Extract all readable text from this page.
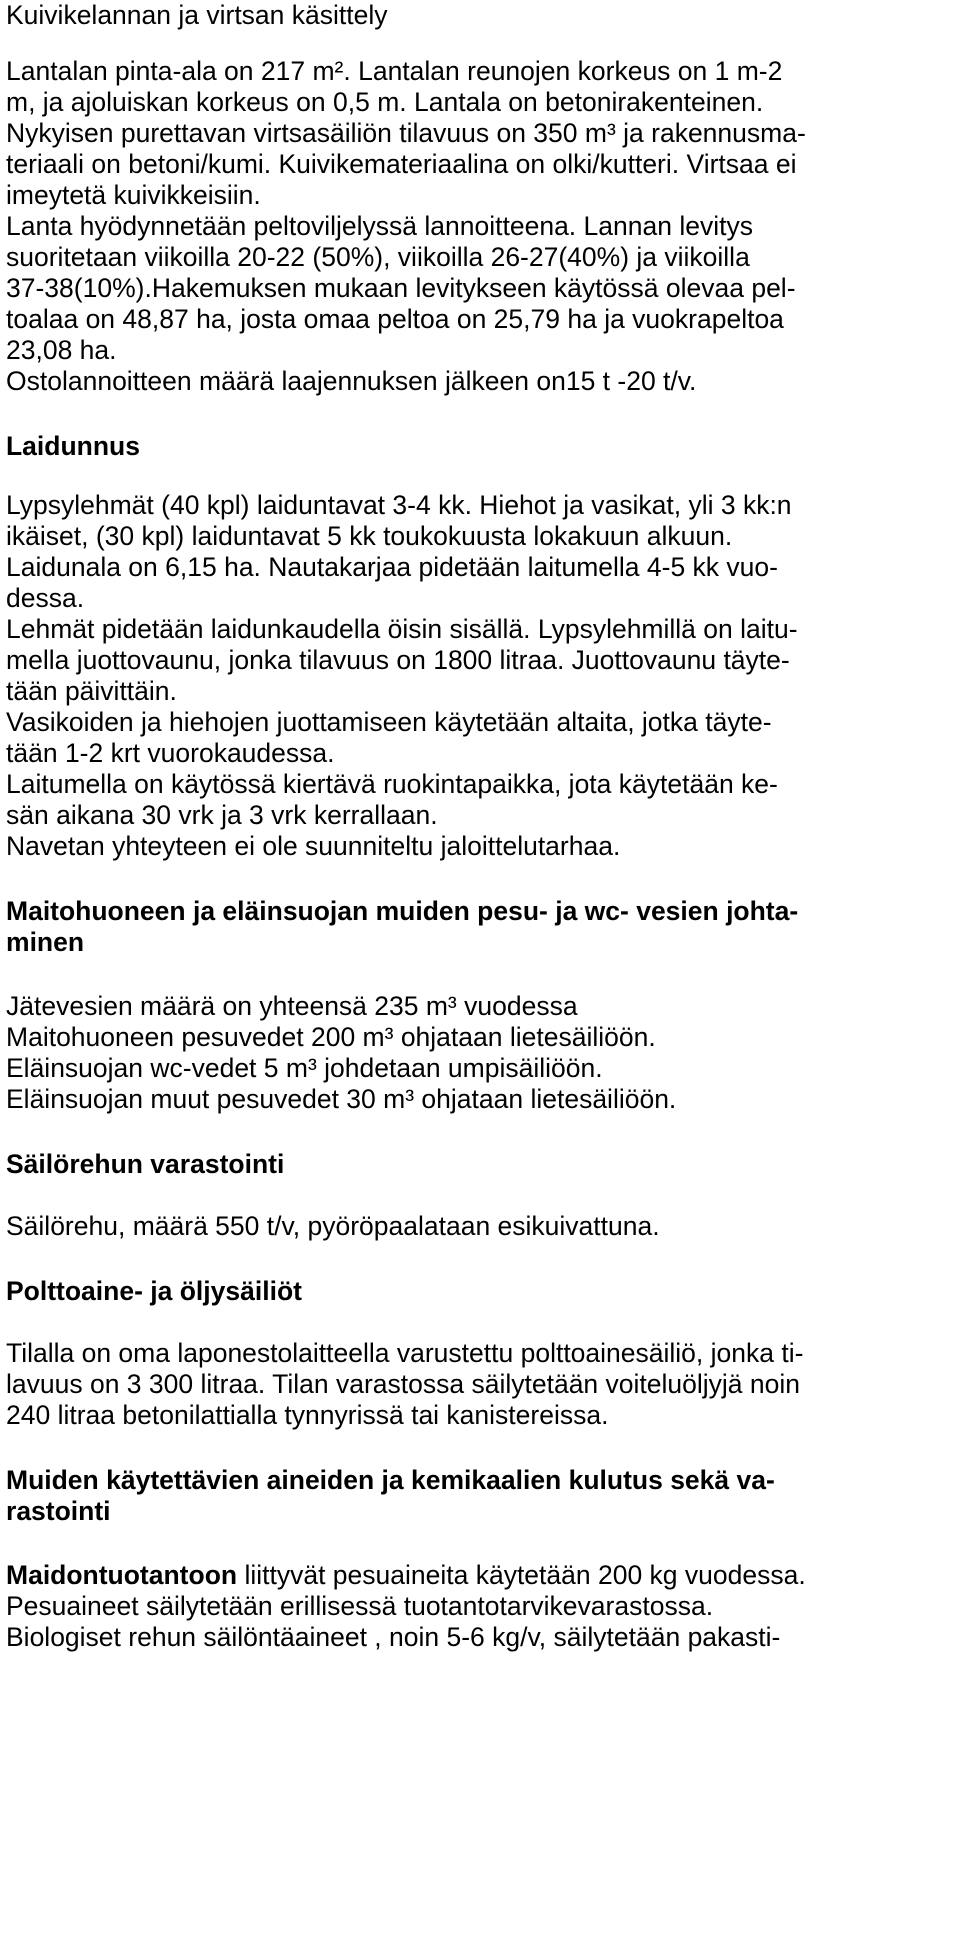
Kuivikelannan ja virtsan käsittely
Lantalan pinta-ala on 217 m². Lantalan reunojen korkeus on 1 m-2
m, ja ajoluiskan korkeus on 0,5 m. Lantala on betonirakenteinen.
Nykyisen purettavan virtsasäiliön tilavuus on 350 m³ ja rakennusma-
teriaali on betoni/kumi. Kuivikemateriaalina on olki/kutteri. Virtsaa ei
imeytetä kuivikkeisiin.
Lanta hyödynnetään peltoviljelyssä lannoitteena. Lannan levitys
suoritetaan viikoilla 20-22 (50%), viikoilla 26-27(40%) ja viikoilla
37-38(10%).Hakemuksen mukaan levitykseen käytössä olevaa pel-
toalaa on 48,87 ha, josta omaa peltoa on 25,79 ha ja vuokrapeltoa
23,08 ha.
Ostolannoitteen määrä laajennuksen jälkeen on15 t -20 t/v.
Laidunnus
Lypsylehmät (40 kpl) laiduntavat 3-4 kk. Hiehot ja vasikat, yli 3 kk:n
ikäiset, (30 kpl) laiduntavat 5 kk toukokuusta lokakuun alkuun.
Laidunala on 6,15 ha. Nautakarjaa pidetään laitumella 4-5 kk vuo-
dessa.
Lehmät pidetään laidunkaudella öisin sisällä. Lypsylehmillä on laitu-
mella juottovaunu, jonka tilavuus on 1800 litraa. Juottovaunu täyte-
tään päivittäin.
Vasikoiden ja hiehojen juottamiseen käytetään altaita, jotka täyte-
tään 1-2 krt vuorokaudessa.
Laitumella on käytössä kiertävä ruokintapaikka, jota käytetään ke-
sän aikana 30 vrk ja 3 vrk kerrallaan.
Navetan yhteyteen ei ole suunniteltu jaloittelutarhaa.
Maitohuoneen ja eläinsuojan muiden pesu- ja wc- vesien johta-
minen
Jätevesien määrä on yhteensä 235 m³ vuodessa
Maitohuoneen pesuvedet 200 m³ ohjataan lietesäiliöön.
Eläinsuojan wc-vedet 5 m³ johdetaan umpisäiliöön.
Eläinsuojan muut pesuvedet 30 m³ ohjataan lietesäiliöön.
Säilörehun varastointi
Säilörehu, määrä 550 t/v, pyöröpaalataan esikuivattuna.
Polttoaine- ja öljysäiliöt
Tilalla on oma laponestolaitteella varustettu polttoainesäiliö, jonka ti-
lavuus on 3 300 litraa. Tilan varastossa säilytetään voiteluöljyjä noin
240 litraa betonilattialla tynnyrissä tai kanistereissa.
Muiden käytettävien aineiden ja kemikaalien kulutus sekä va-
rastointi
Maidontuotantoon liittyvät pesuaineita käytetään 200 kg vuodessa.
Pesuaineet säilytetään erillisessä tuotantotarvikevarastossa.
Biologiset rehun säilöntäaineet , noin 5-6 kg/v, säilytetään pakasti-
